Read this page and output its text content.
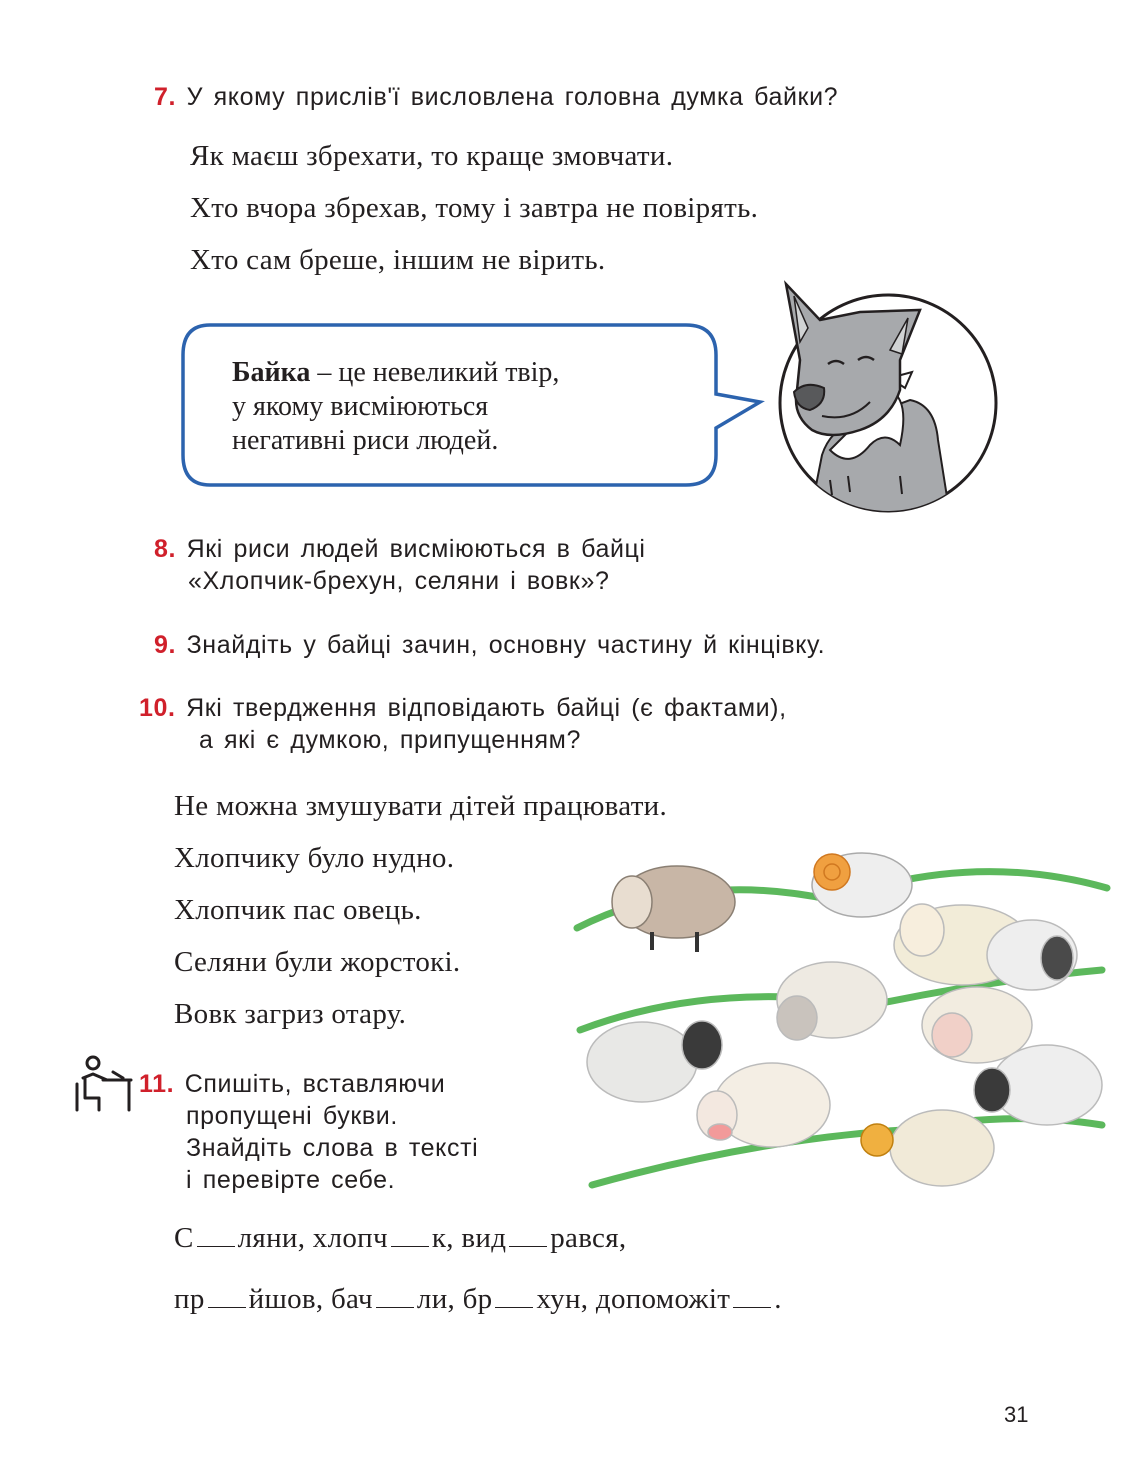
7. У якому прислів'ї висловлена головна думка байки?
Як маєш збрехати, то краще змовчати.
Хто вчора збрехав, тому і завтра не повірять.
Хто сам бреше, іншим не вірить.
Байка – це невеликий твір,
у якому висміюються
негативні риси людей.
8. Які риси людей висміюються в байці
«Хлопчик-брехун, селяни і вовк»?
9. Знайдіть у байці зачин, основну частину й кінцівку.
10. Які твердження відповідають байці (є фактами),
а які є думкою, припущенням?
Не можна змушувати дітей працювати.
Хлопчику було нудно.
Хлопчик пас овець.
Селяни були жорстокі.
Вовк загриз отару.
11. Спишіть, вставляючи
пропущені букви.
Знайдіть слова в тексті
і перевірте себе.
С ляни, хлопч к, вид рався,
пр йшов, бач ли, бр хун, допоможіт .
31
